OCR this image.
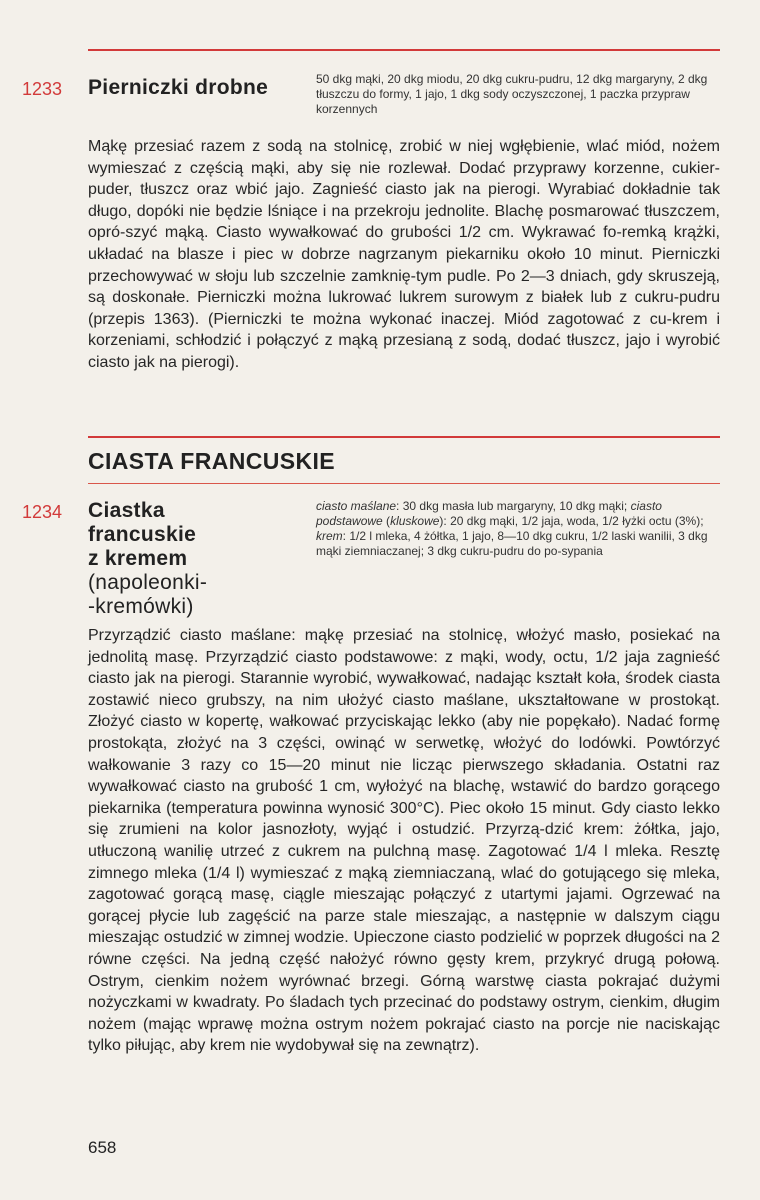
1233 Pierniczki drobne	50 dkg mąki, 20 dkg miodu, 20 dkg cukru-pudru, 12 dkg margaryny, 2 dkg tłuszczu do formy, 1 jajo, 1 dkg sody oczyszczonej, 1 paczka przypraw korzennych
Mąkę przesiać razem z sodą na stolnicę, zrobić w niej wgłębienie, wlać miód, nożem wymieszać z częścią mąki, aby się nie rozlewał. Dodać przyprawy korzenne, cukier-puder, tłuszcz oraz wbić jajo. Zagnieść ciasto jak na pierogi. Wyrabiać dokładnie tak długo, dopóki nie będzie lśniące i na przekroju jednolite. Blachę posmarować tłuszczem, opró-szyć mąką. Ciasto wywałkować do grubości 1/2 cm. Wykrawać fo-remką krążki, układać na blasze i piec w dobrze nagrzanym piekarniku około 10 minut. Pierniczki przechowywać w słoju lub szczelnie zamknię-tym pudle. Po 2—3 dniach, gdy skruszeją, są doskonałe. Pierniczki można lukrować lukrem surowym z białek lub z cukru-pudru (przepis 1363). (Pierniczki te można wykonać inaczej. Miód zagotować z cu-krem i korzeniami, schłodzić i połączyć z mąką przesianą z sodą, dodać tłuszcz, jajo i wyrobić ciasto jak na pierogi).
CIASTA FRANCUSKIE
1234 Ciastka
francuskie
z kremem
(napoleonki-
-kremówki)
ciasto maślane: 30 dkg masła lub margaryny, 10 dkg mąki; ciasto podstawowe (kluskowe): 20 dkg mąki, 1/2 jaja, woda, 1/2 łyżki octu (3%); krem: 1/2 l mleka, 4 żółtka, 1 jajo, 8—10 dkg cukru, 1/2 laski wanilii, 3 dkg mąki ziemniaczanej; 3 dkg cukru-pudru do po-sypania
Przyrządzić ciasto maślane: mąkę przesiać na stolnicę, włożyć masło, posiekać na jednolitą masę. Przyrządzić ciasto podstawowe: z mąki, wody, octu, 1/2 jaja zagnieść ciasto jak na pierogi. Starannie wyrobić, wywałkować, nadając kształt koła, środek ciasta zostawić nieco grubszy, na nim ułożyć ciasto maślane, ukształtowane w prostokąt. Złożyć ciasto w kopertę, wałkować przyciskając lekko (aby nie popękało). Nadać formę prostokąta, złożyć na 3 części, owinąć w serwetkę, włożyć do lodówki. Powtórzyć wałkowanie 3 razy co 15—20 minut nie licząc pierwszego składania. Ostatni raz wywałkować ciasto na grubość 1 cm, wyłożyć na blachę, wstawić do bardzo gorącego piekarnika (temperatura powinna wynosić 300°C). Piec około 15 minut. Gdy ciasto lekko się zrumieni na kolor jasnozłoty, wyjąć i ostudzić. Przyrzą-dzić krem: żółtka, jajo, utłuczoną wanilię utrzeć z cukrem na pulchną masę. Zagotować 1/4 l mleka. Resztę zimnego mleka (1/4 l) wymieszać z mąką ziemniaczaną, wlać do gotującego się mleka, zagotować gorącą masę, ciągle mieszając połączyć z utartymi jajami. Ogrzewać na gorącej płycie lub zagęścić na parze stale mieszając, a następnie w dalszym ciągu mieszając ostudzić w zimnej wodzie. Upieczone ciasto podzielić w poprzek długości na 2 równe części. Na jedną część nałożyć równo gęsty krem, przykryć drugą połową. Ostrym, cienkim nożem wyrównać brzegi. Górną warstwę ciasta pokrajać dużymi nożyczkami w kwadraty. Po śladach tych przecinać do podstawy ostrym, cienkim, długim nożem (mając wprawę można ostrym nożem pokrajać ciasto na porcje nie naciskając tylko piłując, aby krem nie wydobywał się na zewnątrz).
658
